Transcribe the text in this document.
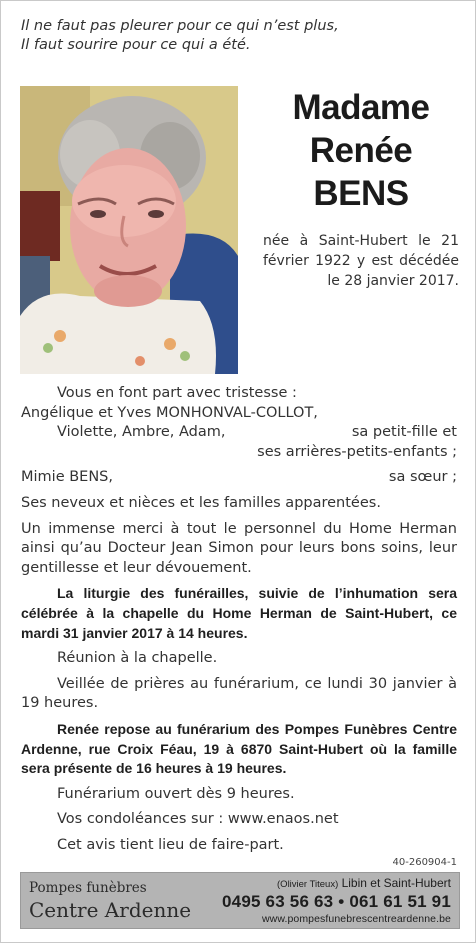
Il ne faut pas pleurer pour ce qui n’est plus,
Il faut sourire pour ce qui a été.
Madame
Renée
BENS
née à Saint-Hubert le 21 février 1922 y est décédée le 28 janvier 2017.

Vous en font part avec tristesse :

Angélique et Yves MONHONVAL-COLLOT,

Violette, Ambre, Adam,	sa petit-fille et

ses arrières-petits-enfants ;

Mimie BENS,	sa sœur ;

Ses neveux et nièces et les familles apparentées.

Un immense merci à tout le personnel du Home Herman ainsi qu’au Docteur Jean Simon pour leurs bons soins, leur gentillesse et leur dévouement.

La liturgie des funérailles, suivie de l’inhumation sera célébrée à la chapelle du Home Herman de Saint-Hubert, ce mardi 31 janvier 2017 à 14 heures.

Réunion à la chapelle.

Veillée de prières au funérarium, ce lundi 30 janvier à 19 heures.

Renée repose au funérarium des Pompes Funèbres Centre Ardenne, rue Croix Féau, 19 à 6870 Saint-Hubert où la famille sera présente de 16 heures à 19 heures.

Funérarium ouvert dès 9 heures.

Vos condoléances sur : www.enaos.net

Cet avis tient lieu de faire-part.

40-260904-1
Pompes funèbres
Centre Ardenne
(Olivier Titeux) Libin et Saint-Hubert
0495 63 56 63 • 061 61 51 91
www.pompesfunebrescentreardenne.be
